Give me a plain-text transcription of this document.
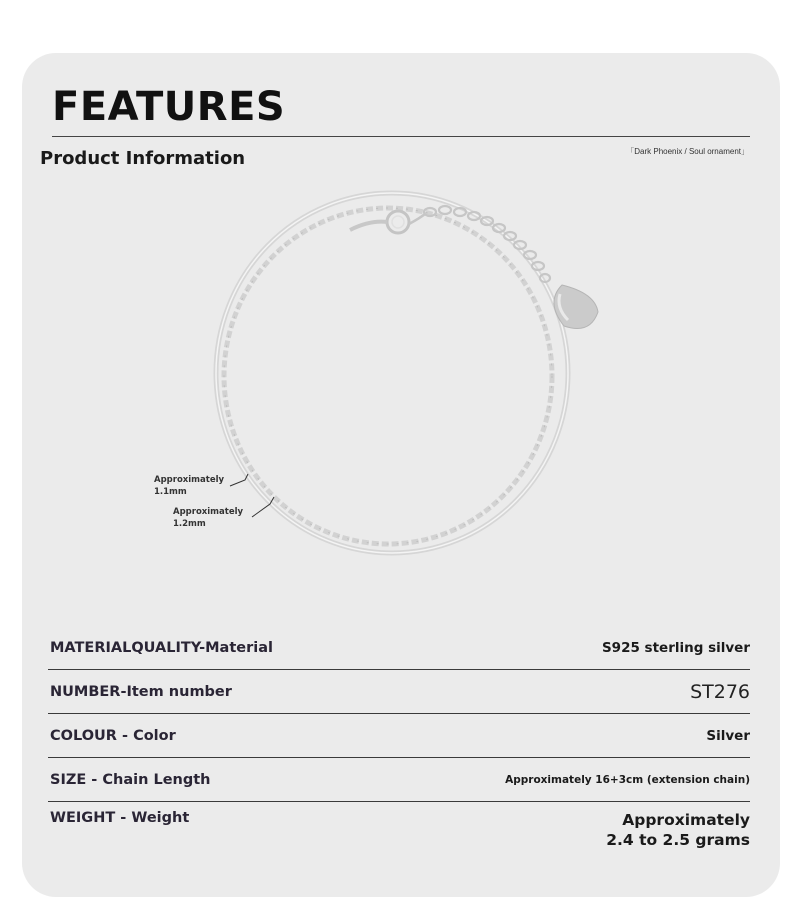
FEATURES
Product Information	「Dark Phoenix / Soul ornament」
Approximately
1.1mm
Approximately
1.2mm
MATERIALQUALITY-Material	S925 sterling silver
NUMBER-Item number	ST276
COLOUR - Color	Silver
SIZE - Chain Length	Approximately 16+3cm (extension chain)
WEIGHT - Weight	Approximately 2.4 to 2.5 grams
